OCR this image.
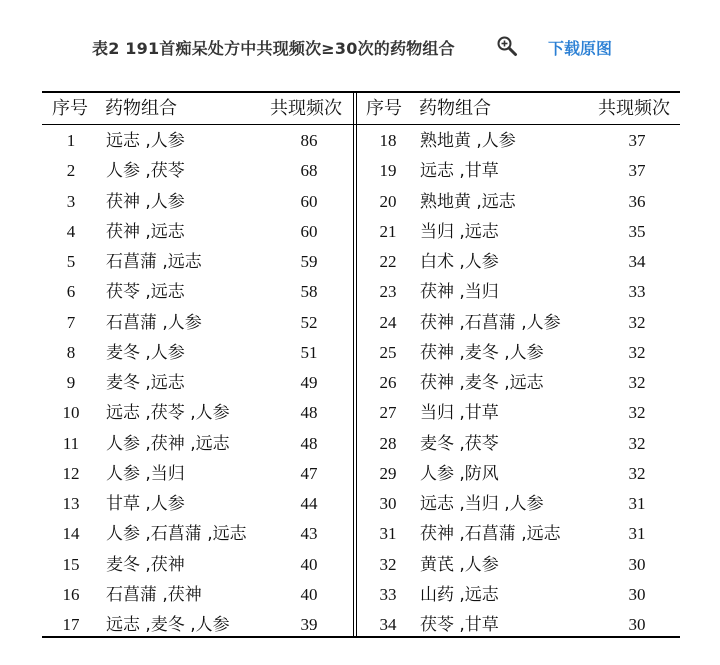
表2 191首痴呆处方中共现频次≥30次的药物组合	下载原图
序号 药物组合	共现频次
1	远志 ,人参	86
2	人参 ,茯苓	68
3	茯神 ,人参	60
4	茯神 ,远志	60
5	石菖蒲 ,远志	59
6	茯苓 ,远志	58
7	石菖蒲 ,人参	52
8	麦冬 ,人参	51
9	麦冬 ,远志	49
10	远志 ,茯苓 ,人参	48
11	人参 ,茯神 ,远志	48
12	人参 ,当归	47
13	甘草 ,人参	44
14	人参 ,石菖蒲 ,远志	43
15	麦冬 ,茯神	40
16	石菖蒲 ,茯神	40
17	远志 ,麦冬 ,人参	39
序号 药物组合	共现频次
18	熟地黄 ,人参	37
19	远志 ,甘草	37
20	熟地黄 ,远志	36
21	当归 ,远志	35
22	白术 ,人参	34
23	茯神 ,当归	33
24	茯神 ,石菖蒲 ,人参	32
25	茯神 ,麦冬 ,人参	32
26	茯神 ,麦冬 ,远志	32
27	当归 ,甘草	32
28	麦冬 ,茯苓	32
29	人参 ,防风	32
30	远志 ,当归 ,人参	31
31	茯神 ,石菖蒲 ,远志	31
32	黄芪 ,人参	30
33	山药 ,远志	30
34	茯苓 ,甘草	30
